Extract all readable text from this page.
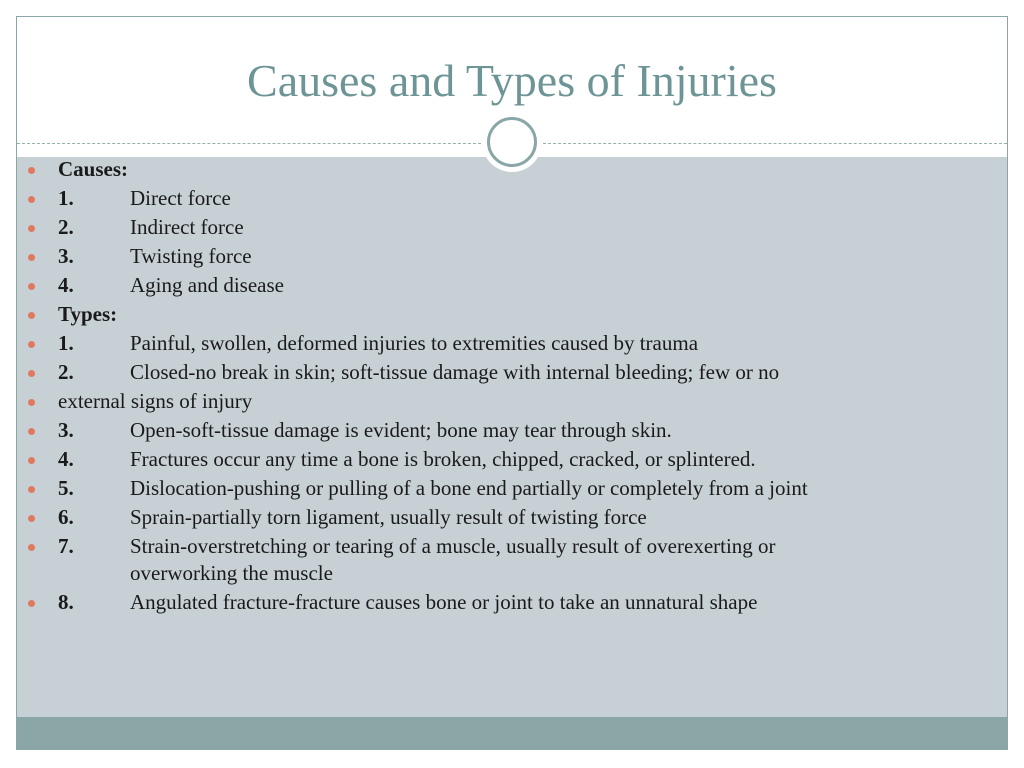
Causes and Types of Injuries
Causes:
1.	Direct force
2.	Indirect force
3.	Twisting force
4.	Aging and disease
Types:
1.	Painful, swollen, deformed injuries to extremities caused by trauma
2.	Closed-no break in skin; soft-tissue damage with internal bleeding; few or no
external signs of injury
3.	Open-soft-tissue damage is evident; bone may tear through skin.
4.	Fractures occur any time a bone is broken, chipped, cracked, or splintered.
5.	Dislocation-pushing or pulling of a bone end partially or completely from a joint
6.	Sprain-partially torn ligament, usually result of twisting force
7.	Strain-overstretching or tearing of a muscle, usually result of overexerting or
overworking the muscle
8.	Angulated fracture-fracture causes bone or joint to take an unnatural shape
